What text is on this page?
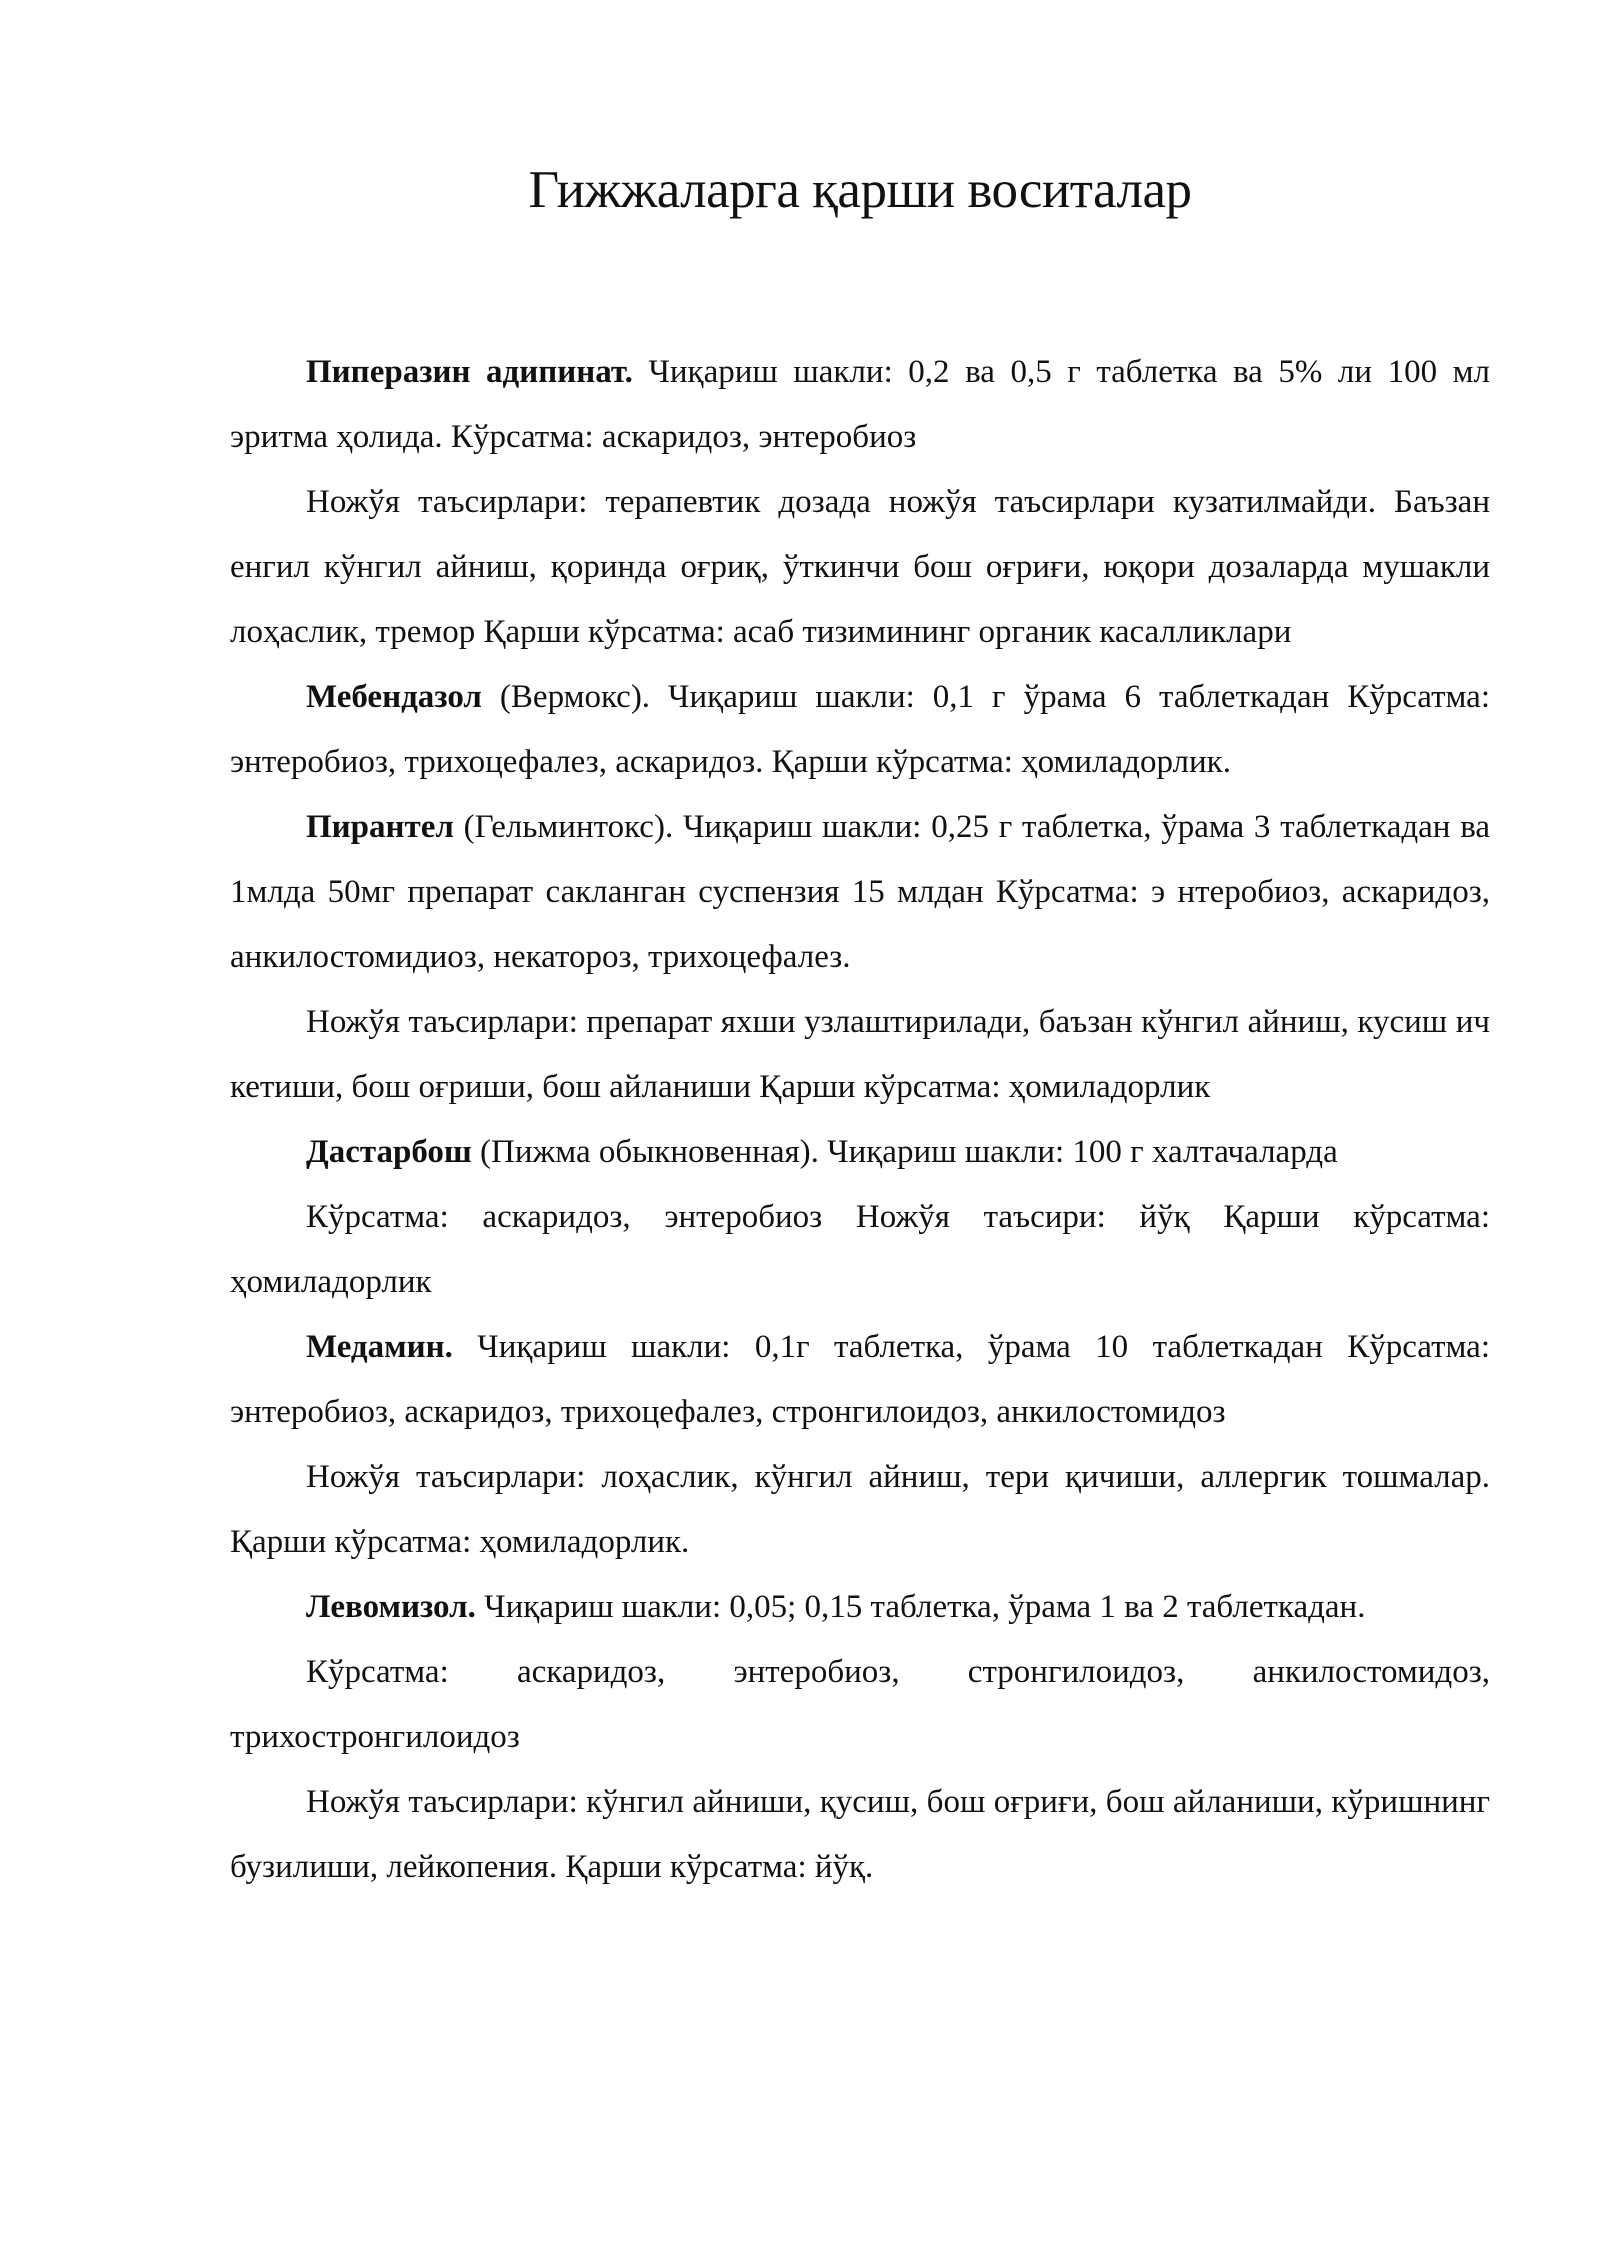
Гижжаларга қарши воситалар

Пиперазин адипинат. Чиқариш шакли: 0,2 ва 0,5 г таблетка ва 5% ли 100 мл эритма ҳолида. Кўрсатма: аскаридоз, энтеробиоз

Ножўя таъсирлари: терапевтик дозада ножўя таъсирлари кузатилмайди. Баъзан енгил кўнгил айниш, қоринда оғриқ, ўткинчи бош оғриғи, юқори дозаларда мушакли лоҳаслик, тремор Қарши кўрсатма: асаб тизимининг органик касалликлари

Мебендазол (Вермокс). Чиқариш шакли: 0,1 г ўрама 6 таблеткадан Кўрсатма: энтеробиоз, трихоцефалез, аскаридоз. Қарши кўрсатма: ҳомиладорлик.

Пирантел (Гельминтокс). Чиқариш шакли: 0,25 г таблетка, ўрама 3 таблеткадан ва 1млда 50мг препарат сакланган суспензия 15 млдан Кўрсатма: э нтеробиоз, аскаридоз, анкилостомидиоз, некатороз, трихоцефалез.

Ножўя таъсирлари: препарат яхши узлаштирилади, баъзан кўнгил айниш, кусиш ич кетиши, бош оғриши, бош айланиши Қарши кўрсатма: ҳомиладорлик

Дастарбош (Пижма обыкновенная). Чиқариш шакли: 100 г халтачаларда

Кўрсатма: аскаридоз, энтеробиоз Ножўя таъсири: йўқ Қарши кўрсатма: ҳомиладорлик

Медамин. Чиқариш шакли: 0,1г таблетка, ўрама 10 таблеткадан Кўрсатма: энтеробиоз, аскаридоз, трихоцефалез, стронгилоидоз, анкилостомидоз

Ножўя таъсирлари: лоҳаслик, кўнгил айниш, тери қичиши, аллергик тошмалар. Қарши кўрсатма: ҳомиладорлик.

Левомизол. Чиқариш шакли: 0,05; 0,15 таблетка, ўрама 1 ва 2 таблеткадан.

Кўрсатма: аскаридоз, энтеробиоз, стронгилоидоз, анкилостомидоз, трихостронгилоидоз

Ножўя таъсирлари: кўнгил айниши, қусиш, бош оғриғи, бош айланиши, кўришнинг бузилиши, лейкопения. Қарши кўрсатма: йўқ.
